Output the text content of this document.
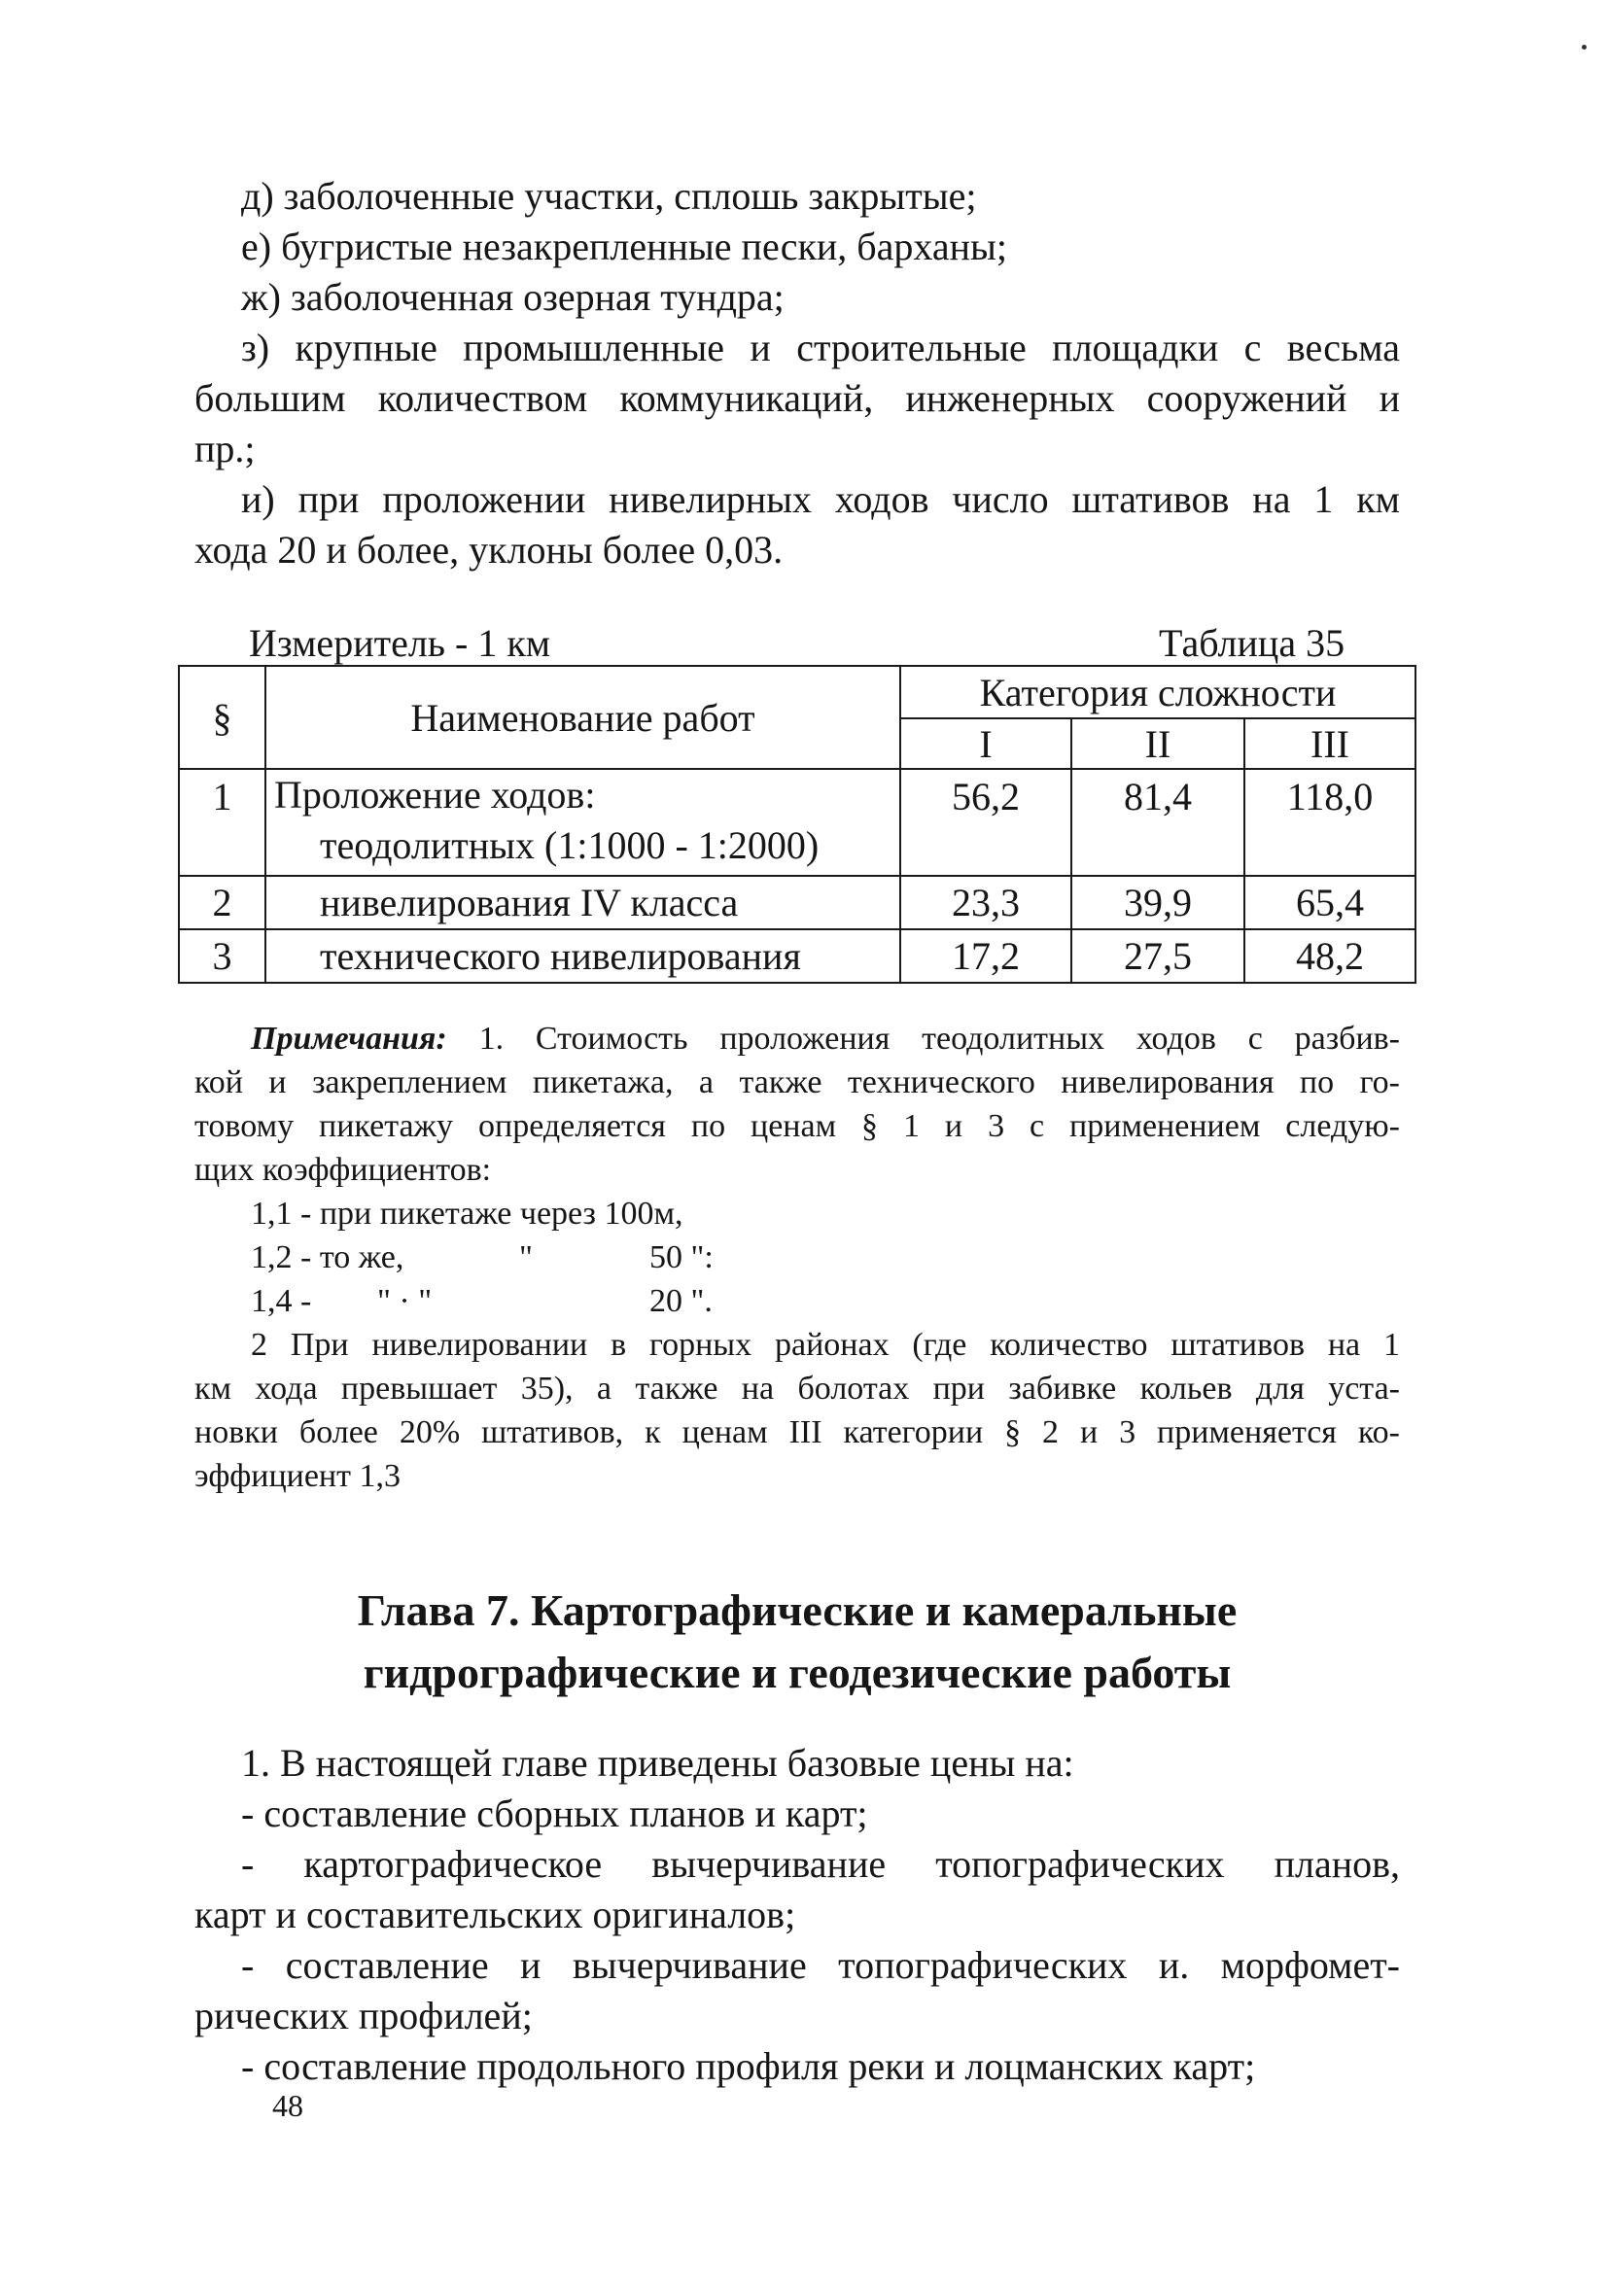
д) заболоченные участки, сплошь закрытые;
е) бугристые незакрепленные пески, барханы;
ж) заболоченная озерная тундра;
з) крупные промышленные и строительные площадки с весьма
большим количеством коммуникаций, инженерных сооружений и
пр.;
и) при проложении нивелирных ходов число штативов на 1 км
хода 20 и более, уклоны более 0,03.
Измеритель - 1 км	Таблица 35
§	Наименование работ	Категория сложности		
		I	II	III
1	Проложение ходов:
теодолитных (1:1000 - 1:2000)	56,2	81,4	118,0
2	нивелирования IV класса	23,3	39,9	65,4
3	технического нивелирования	17,2	27,5	48,2
Примечания: 1. Стоимость проложения теодолитных ходов с разбив-
кой и закреплением пикетажа, а также технического нивелирования по го-
товому пикетажу определяется по ценам § 1 и 3 с применением следую-
щих коэффициентов:
1,1 - при пикетаже через 100м,
1,2 - то же,	"	50 ":
1,4 - " · "	20 ".
2 При нивелировании в горных районах (где количество штативов на 1
км хода превышает 35), а также на болотах при забивке кольев для уста-
новки более 20% штативов, к ценам III категории § 2 и 3 применяется ко-
эффициент 1,3
Глава 7. Картографические и камеральные
гидрографические и геодезические работы
1. В настоящей главе приведены базовые цены на:
- составление сборных планов и карт;
- картографическое вычерчивание топографических планов,
карт и составительских оригиналов;
- составление и вычерчивание топографических и. морфомет-
рических профилей;
- составление продольного профиля реки и лоцманских карт;
48
